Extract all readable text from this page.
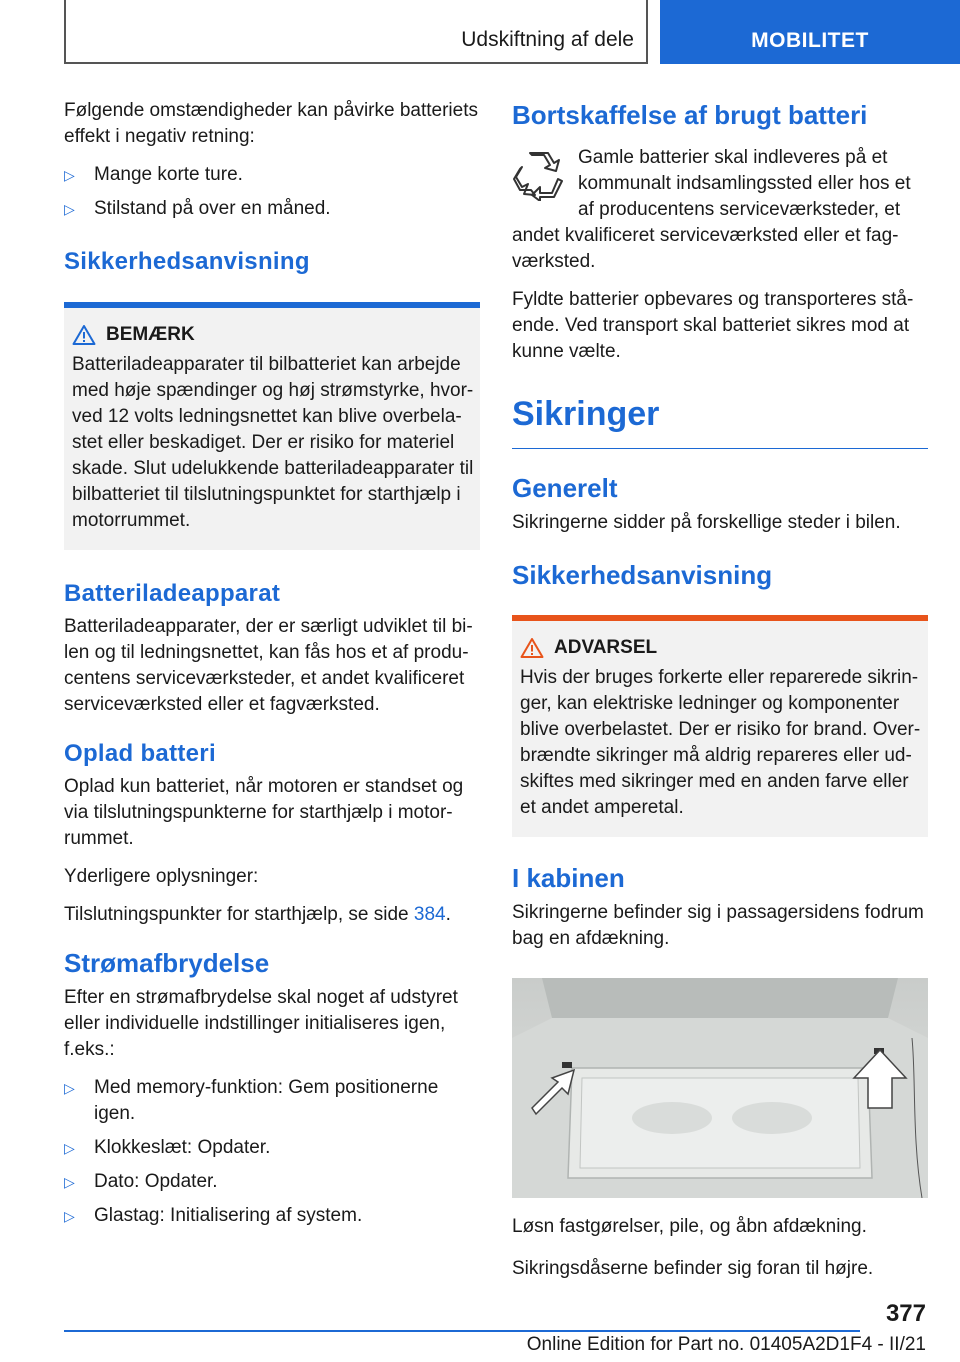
Udskiftning af dele	MOBILITET

Følgende omstændigheder kan påvirke batteriets effekt i negativ retning:

▷ Mange korte ture.
▷ Stilstand på over en måned.
Sikkerhedsanvisning
BEMÆRK

Batteriladeapparater til bilbatteriet kan arbejde med høje spændinger og høj strømstyrke, hvorved 12 volts ledningsnettet kan blive overbelastet eller beskadiget. Der er risiko for materiel skade. Slut udelukkende batteriladeapparater til bilbatteriet til tilslutningspunktet for starthjælp i motorrummet.

Batteriladeapparat

Batteriladeapparater, der er særligt udviklet til bilen og til ledningsnettet, kan fås hos et af producentens serviceværksteder, et andet kvalificeret serviceværksted eller et fagværksted.

Oplad batteri

Oplad kun batteriet, når motoren er standset og via tilslutningspunkterne for starthjælp i motorrummet.

Yderligere oplysninger:

Tilslutningspunkter for starthjælp, se side 384.

Strømafbrydelse

Efter en strømafbrydelse skal noget af udstyret eller individuelle indstillinger initialiseres igen, f.eks.:

▷ Med memory-funktion: Gem positionerne igen.
▷ Klokkeslæt: Opdater.
▷ Dato: Opdater.
▷ Glastag: Initialisering af system.
Bortskaffelse af brugt batteri

Gamle batterier skal indleveres på et kommunalt indsamlingssted eller hos et af producentens serviceværksteder, et andet kvalificeret serviceværksted eller et fagværksted.

Fyldte batterier opbevares og transporteres stående. Ved transport skal batteriet sikres mod at kunne vælte.

Sikringer
Generelt

Sikringerne sidder på forskellige steder i bilen.

Sikkerhedsanvisning
ADVARSEL

Hvis der bruges forkerte eller reparerede sikringer, kan elektriske ledninger og komponenter blive overbelastet. Der er risiko for brand. Overbrændte sikringer må aldrig repareres eller udskiftes med sikringer med en anden farve eller et andet amperetal.

I kabinen

Sikringerne befinder sig i passagersidens fodrum bag en afdækning.

Løsn fastgørelser, pile, og åbn afdækning.

Sikringsdåserne befinder sig foran til højre.

377
Online Edition for Part no. 01405A2D1F4 - II/21
